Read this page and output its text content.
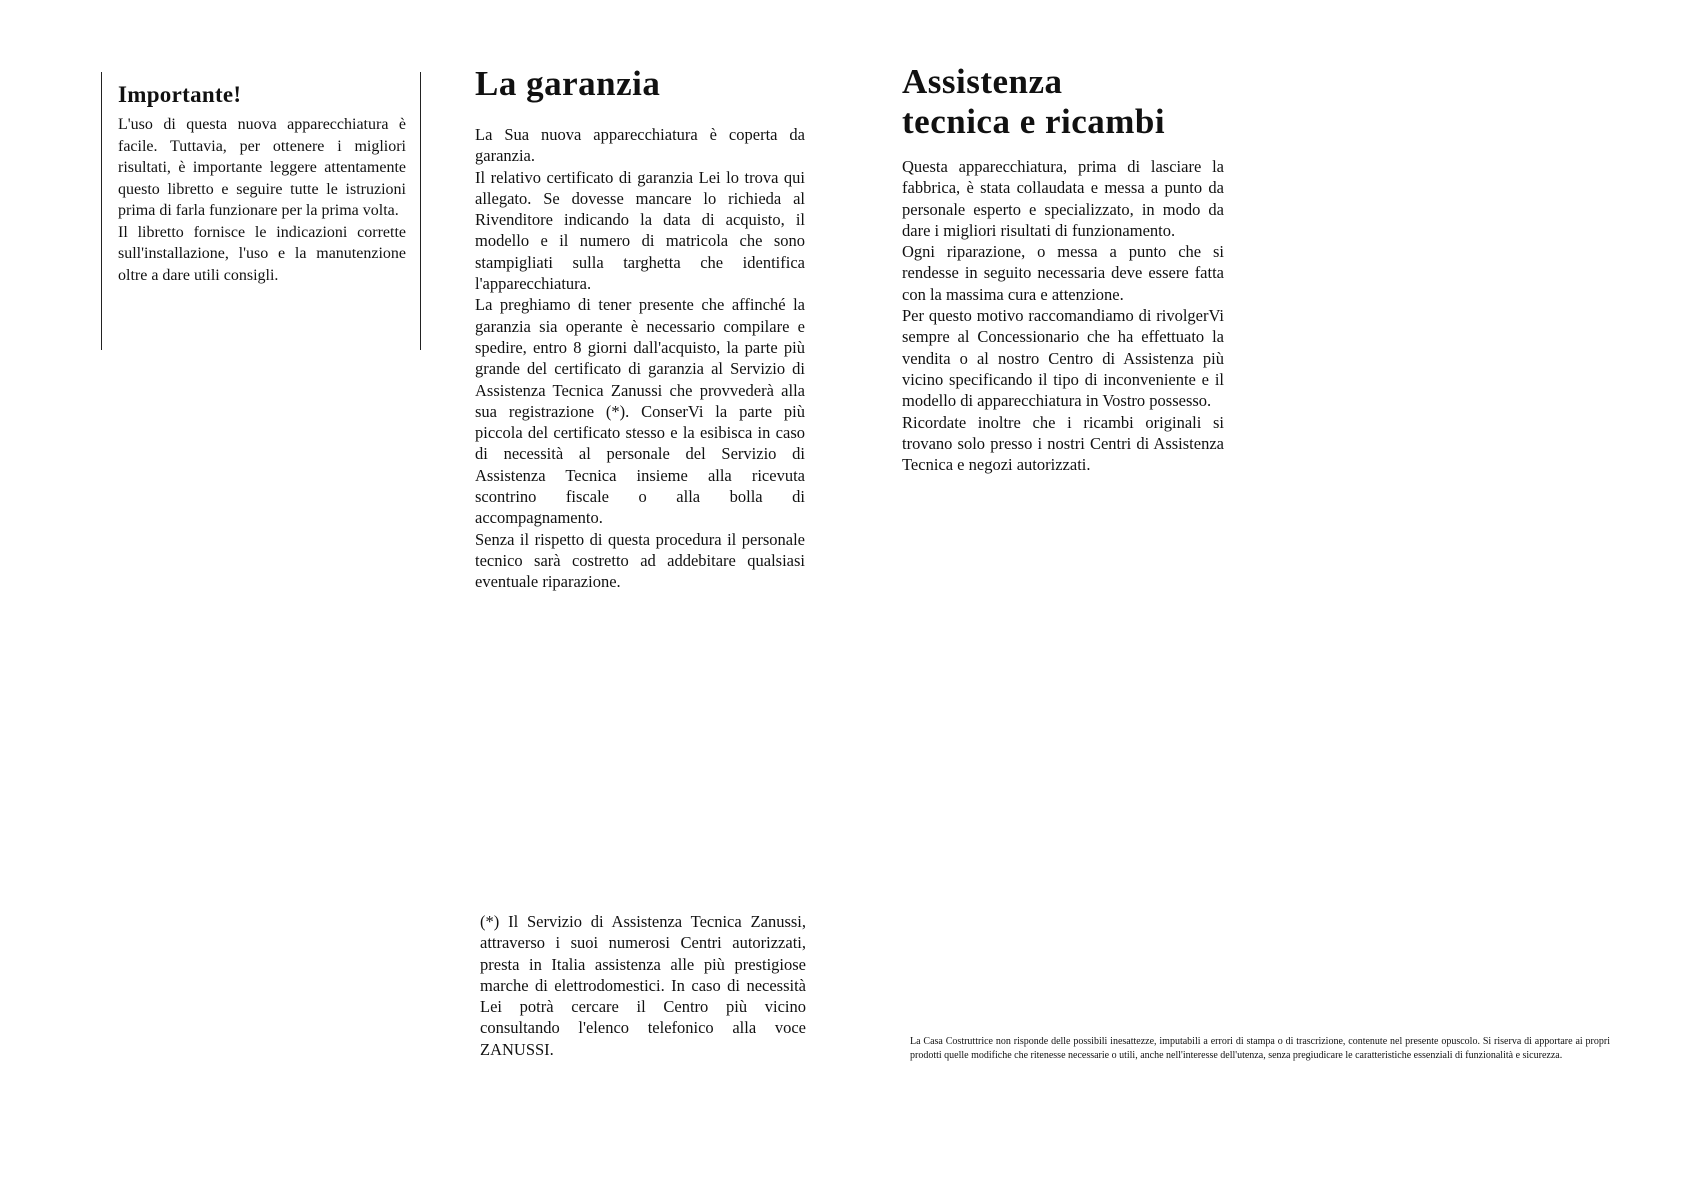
Importante!

L'uso di questa nuova apparecchiatura è facile. Tuttavia, per ottenere i migliori risultati, è importante leggere attentamente questo libretto e seguire tutte le istruzioni prima di farla funzionare per la prima volta.

Il libretto fornisce le indicazioni corrette sull'installazione, l'uso e la manutenzione oltre a dare utili consigli.

La garanzia

La Sua nuova apparecchiatura è coperta da garanzia.

Il relativo certificato di garanzia Lei lo trova qui allegato. Se dovesse mancare lo richieda al Rivenditore indicando la data di acquisto, il modello e il numero di matricola che sono stampigliati sulla targhetta che identifica l'apparecchiatura.

La preghiamo di tener presente che affinché la garanzia sia operante è necessario compilare e spedire, entro 8 giorni dall'acquisto, la parte più grande del certificato di garanzia al Servizio di Assistenza Tecnica Zanussi che provvederà alla sua registrazione (*). ConserVi la parte più piccola del certificato stesso e la esibisca in caso di necessità al personale del Servizio di Assistenza Tecnica insieme alla ricevuta scontrino fiscale o alla bolla di accompagnamento.

Senza il rispetto di questa procedura il personale tecnico sarà costretto ad addebitare qualsiasi eventuale riparazione.

(*) Il Servizio di Assistenza Tecnica Zanussi, attraverso i suoi numerosi Centri autorizzati, presta in Italia assistenza alle più prestigiose marche di elettrodomestici. In caso di necessità Lei potrà cercare il Centro più vicino consultando l'elenco telefonico alla voce ZANUSSI.

Assistenza
tecnica e ricambi

Questa apparecchiatura, prima di lasciare la fabbrica, è stata collaudata e messa a punto da personale esperto e specializzato, in modo da dare i migliori risultati di funzionamento.

Ogni riparazione, o messa a punto che si rendesse in seguito necessaria deve essere fatta con la massima cura e attenzione.

Per questo motivo raccomandiamo di rivolgerVi sempre al Concessionario che ha effettuato la vendita o al nostro Centro di Assistenza più vicino specificando il tipo di inconveniente e il modello di apparecchiatura in Vostro possesso.

Ricordate inoltre che i ricambi originali si trovano solo presso i nostri Centri di Assistenza Tecnica e negozi autorizzati.

La Casa Costruttrice non risponde delle possibili inesattezze, imputabili a errori di stampa o di trascrizione, contenute nel presente opuscolo. Si riserva di apportare ai propri prodotti quelle modifiche che ritenesse necessarie o utili, anche nell'interesse dell'utenza, senza pregiudicare le caratteristiche essenziali di funzionalità e sicurezza.
